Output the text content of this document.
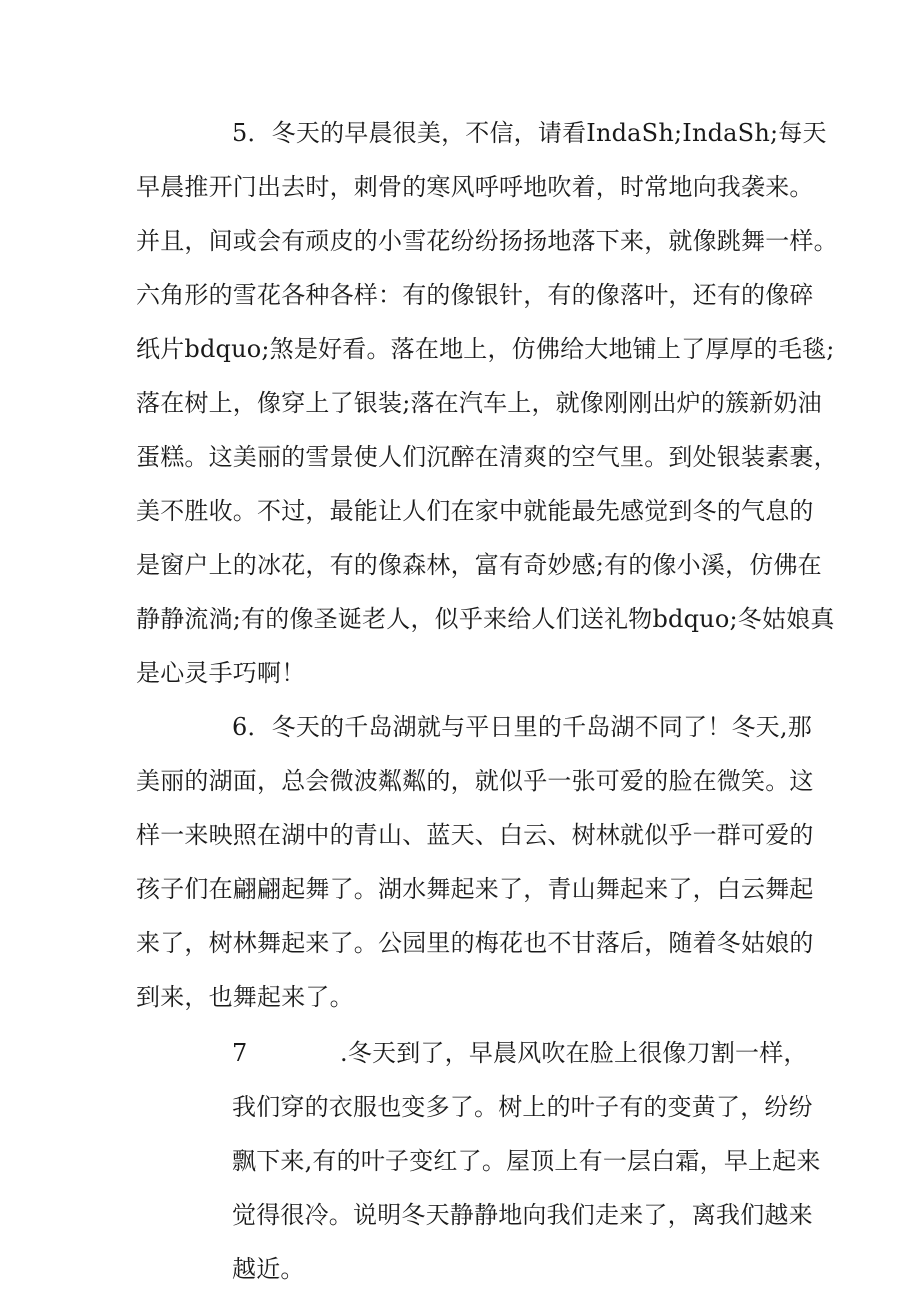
5．冬天的早晨很美，不信，请看IndaSh;IndaSh;每天
早晨推开门出去时，刺骨的寒风呼呼地吹着，时常地向我袭来。
并且，间或会有顽皮的小雪花纷纷扬扬地落下来，就像跳舞一样。
六角形的雪花各种各样：有的像银针，有的像落叶，还有的像碎
纸片bdquo;煞是好看。落在地上，仿佛给大地铺上了厚厚的毛毯;
落在树上，像穿上了银装;落在汽车上，就像刚刚出炉的簇新奶油
蛋糕。这美丽的雪景使人们沉醉在清爽的空气里。到处银装素裹，
美不胜收。不过，最能让人们在家中就能最先感觉到冬的气息的
是窗户上的冰花，有的像森林，富有奇妙感;有的像小溪，仿佛在
静静流淌;有的像圣诞老人，似乎来给人们送礼物bdquo;冬姑娘真
是心灵手巧啊！
6．冬天的千岛湖就与平日里的千岛湖不同了！冬天,那
美丽的湖面，总会微波粼粼的，就似乎一张可爱的脸在微笑。这
样一来映照在湖中的青山、蓝天、白云、树林就似乎一群可爱的
孩子们在翩翩起舞了。湖水舞起来了，青山舞起来了，白云舞起
来了，树林舞起来了。公园里的梅花也不甘落后，随着冬姑娘的
到来，也舞起来了。
7	.冬天到了，早晨风吹在脸上很像刀割一样，
我们穿的衣服也变多了。树上的叶子有的变黄了，纷纷
飘下来,有的叶子变红了。屋顶上有一层白霜，早上起来
觉得很冷。说明冬天静静地向我们走来了，离我们越来
越近。
